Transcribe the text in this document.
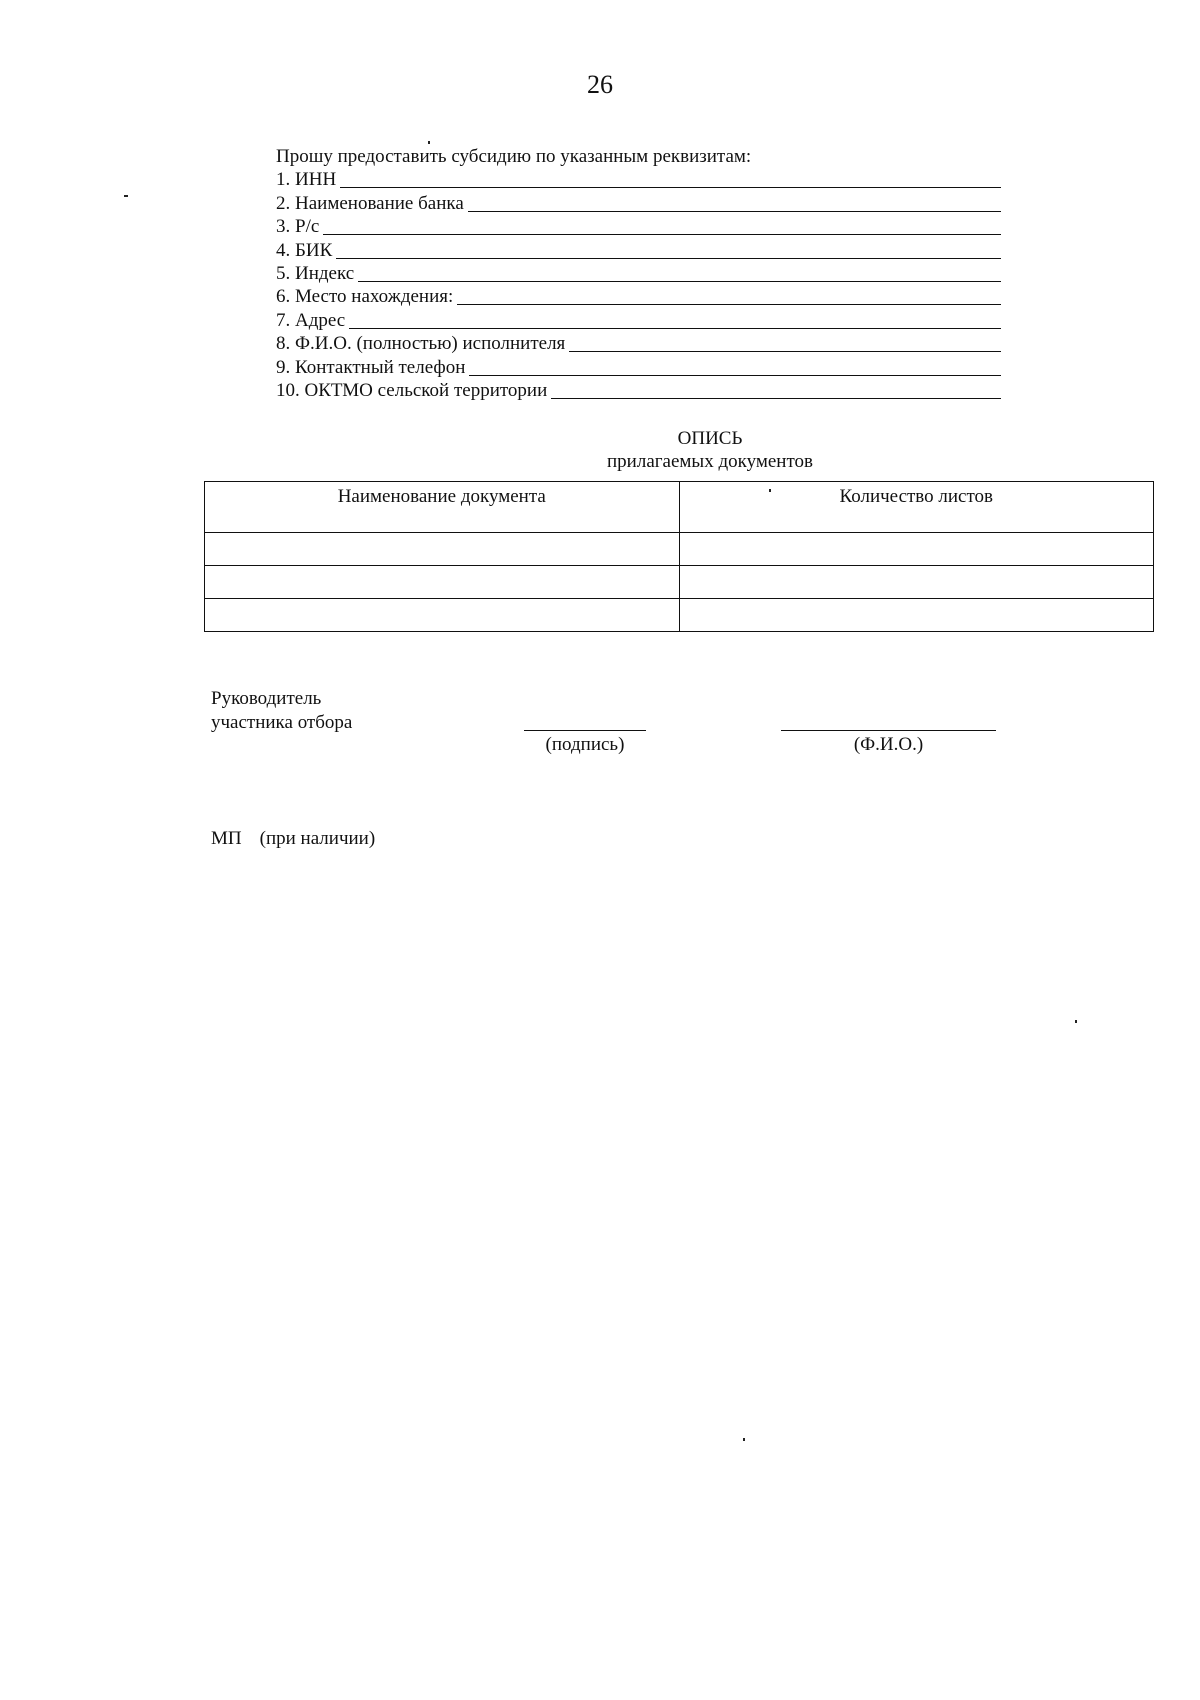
26
Прошу предоставить субсидию по указанным реквизитам:
1. ИНН
2. Наименование банка
3. Р/с
4. БИК
5. Индекс
6. Место нахождения:
7. Адрес
8. Ф.И.О. (полностью) исполнителя
9. Контактный телефон
10. ОКТМО сельской территории
ОПИСЬ
прилагаемых документов
Наименование документа	Количество листов

Руководитель
участника отбора
(подпись)	(Ф.И.О.)
МП (при наличии)
